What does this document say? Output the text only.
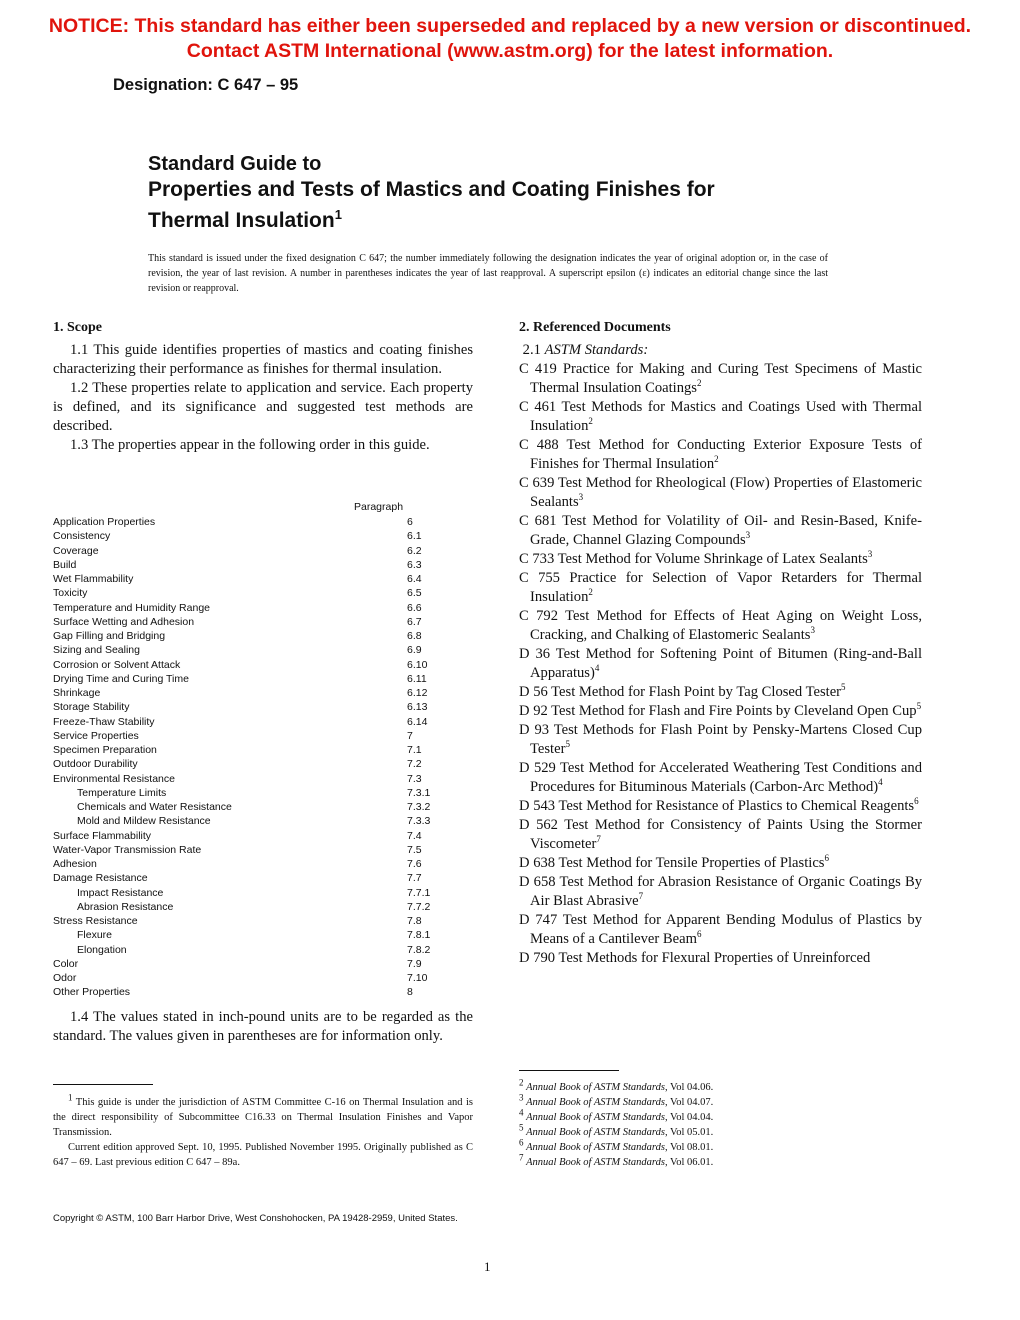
NOTICE: This standard has either been superseded and replaced by a new version or discontinued.
Contact ASTM International (www.astm.org) for the latest information.
Designation: C 647 – 95
Standard Guide to
Properties and Tests of Mastics and Coating Finishes for
Thermal Insulation$^1$
This standard is issued under the fixed designation C 647; the number immediately following the designation indicates the year of original adoption or, in the case of revision, the year of last revision. A number in parentheses indicates the year of last reapproval. A superscript epsilon (ε) indicates an editorial change since the last revision or reapproval.
1. Scope

1.1 This guide identifies properties of mastics and coating finishes characterizing their performance as finishes for thermal insulation.

1.2 These properties relate to application and service. Each property is defined, and its significance and suggested test methods are described.

1.3 The properties appear in the following order in this guide.

Paragraph
Application Properties	6
Consistency	6.1
Coverage	6.2
Build	6.3
Wet Flammability	6.4
Toxicity	6.5
Temperature and Humidity Range	6.6
Surface Wetting and Adhesion	6.7
Gap Filling and Bridging	6.8
Sizing and Sealing	6.9
Corrosion or Solvent Attack	6.10
Drying Time and Curing Time	6.11
Shrinkage	6.12
Storage Stability	6.13
Freeze-Thaw Stability	6.14
Service Properties	7
Specimen Preparation	7.1
Outdoor Durability	7.2
Environmental Resistance	7.3
Temperature Limits	7.3.1
Chemicals and Water Resistance	7.3.2
Mold and Mildew Resistance	7.3.3
Surface Flammability	7.4
Water-Vapor Transmission Rate	7.5
Adhesion	7.6
Damage Resistance	7.7
Impact Resistance	7.7.1
Abrasion Resistance	7.7.2
Stress Resistance	7.8
Flexure	7.8.1
Elongation	7.8.2
Color	7.9
Odor	7.10
Other Properties	8

1.4 The values stated in inch-pound units are to be regarded as the standard. The values given in parentheses are for information only.

2. Referenced Documents
2.1 ASTM Standards:

C 419 Practice for Making and Curing Test Specimens of Mastic Thermal Insulation Coatings$^2$

C 461 Test Methods for Mastics and Coatings Used with Thermal Insulation$^2$

C 488 Test Method for Conducting Exterior Exposure Tests of Finishes for Thermal Insulation$^2$

C 639 Test Method for Rheological (Flow) Properties of Elastomeric Sealants$^3$

C 681 Test Method for Volatility of Oil- and Resin-Based, Knife-Grade, Channel Glazing Compounds$^3$

C 733 Test Method for Volume Shrinkage of Latex Sealants$^3$

C 755 Practice for Selection of Vapor Retarders for Thermal Insulation$^2$

C 792 Test Method for Effects of Heat Aging on Weight Loss, Cracking, and Chalking of Elastomeric Sealants$^3$

D 36 Test Method for Softening Point of Bitumen (Ring-and-Ball Apparatus)$^4$

D 56 Test Method for Flash Point by Tag Closed Tester$^5$

D 92 Test Method for Flash and Fire Points by Cleveland Open Cup$^5$

D 93 Test Methods for Flash Point by Pensky-Martens Closed Cup Tester$^5$

D 529 Test Method for Accelerated Weathering Test Conditions and Procedures for Bituminous Materials (Carbon-Arc Method)$^4$

D 543 Test Method for Resistance of Plastics to Chemical Reagents$^6$

D 562 Test Method for Consistency of Paints Using the Stormer Viscometer$^7$

D 638 Test Method for Tensile Properties of Plastics$^6$

D 658 Test Method for Abrasion Resistance of Organic Coatings By Air Blast Abrasive$^7$

D 747 Test Method for Apparent Bending Modulus of Plastics by Means of a Cantilever Beam$^6$

D 790 Test Methods for Flexural Properties of Unreinforced

$^1$ This guide is under the jurisdiction of ASTM Committee C-16 on Thermal Insulation and is the direct responsibility of Subcommittee C16.33 on Thermal Insulation Finishes and Vapor Transmission.

Current edition approved Sept. 10, 1995. Published November 1995. Originally published as C 647 – 69. Last previous edition C 647 – 89a.

$^2$ Annual Book of ASTM Standards, Vol 04.06.

$^3$ Annual Book of ASTM Standards, Vol 04.07.

$^4$ Annual Book of ASTM Standards, Vol 04.04.

$^5$ Annual Book of ASTM Standards, Vol 05.01.

$^6$ Annual Book of ASTM Standards, Vol 08.01.

$^7$ Annual Book of ASTM Standards, Vol 06.01.

Copyright © ASTM, 100 Barr Harbor Drive, West Conshohocken, PA 19428-2959, United States.
1
